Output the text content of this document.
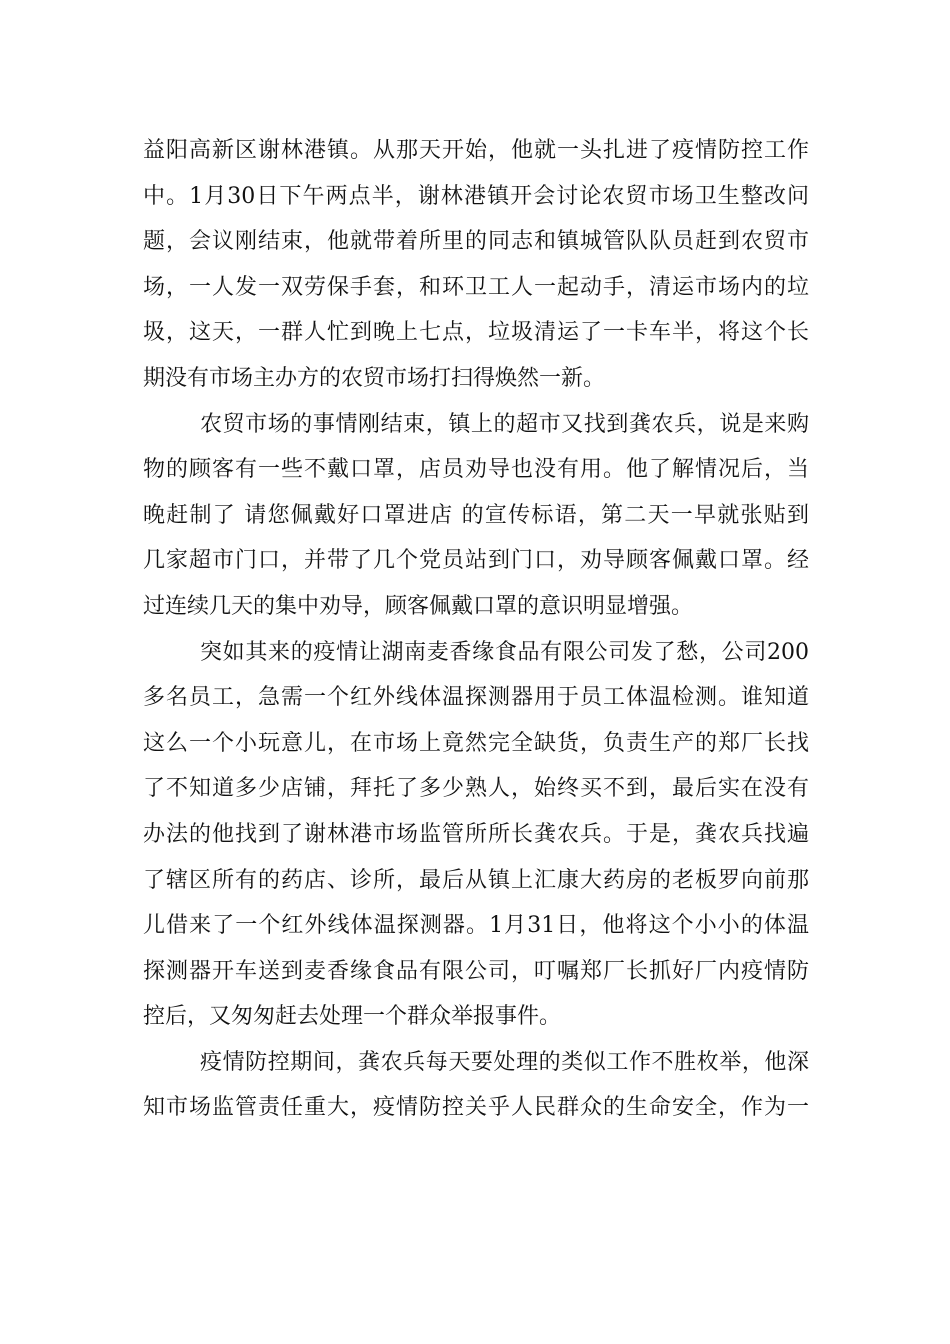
益阳高新区谢林港镇。从那天开始，他就一头扎进了疫情防控工作
中。1月30日下午两点半，谢林港镇开会讨论农贸市场卫生整改问
题，会议刚结束，他就带着所里的同志和镇城管队队员赶到农贸市
场，一人发一双劳保手套，和环卫工人一起动手，清运市场内的垃
圾，这天，一群人忙到晚上七点，垃圾清运了一卡车半，将这个长
期没有市场主办方的农贸市场打扫得焕然一新。
农贸市场的事情刚结束，镇上的超市又找到龚农兵，说是来购
物的顾客有一些不戴口罩，店员劝导也没有用。他了解情况后，当
晚赶制了 请您佩戴好口罩进店 的宣传标语，第二天一早就张贴到
几家超市门口，并带了几个党员站到门口，劝导顾客佩戴口罩。经
过连续几天的集中劝导，顾客佩戴口罩的意识明显增强。
突如其来的疫情让湖南麦香缘食品有限公司发了愁，公司200
多名员工，急需一个红外线体温探测器用于员工体温检测。谁知道
这么一个小玩意儿，在市场上竟然完全缺货，负责生产的郑厂长找
了不知道多少店铺，拜托了多少熟人，始终买不到，最后实在没有
办法的他找到了谢林港市场监管所所长龚农兵。于是，龚农兵找遍
了辖区所有的药店、诊所，最后从镇上汇康大药房的老板罗向前那
儿借来了一个红外线体温探测器。1月31日，他将这个小小的体温
探测器开车送到麦香缘食品有限公司，叮嘱郑厂长抓好厂内疫情防
控后，又匆匆赶去处理一个群众举报事件。
疫情防控期间，龚农兵每天要处理的类似工作不胜枚举，他深
知市场监管责任重大，疫情防控关乎人民群众的生命安全，作为一
